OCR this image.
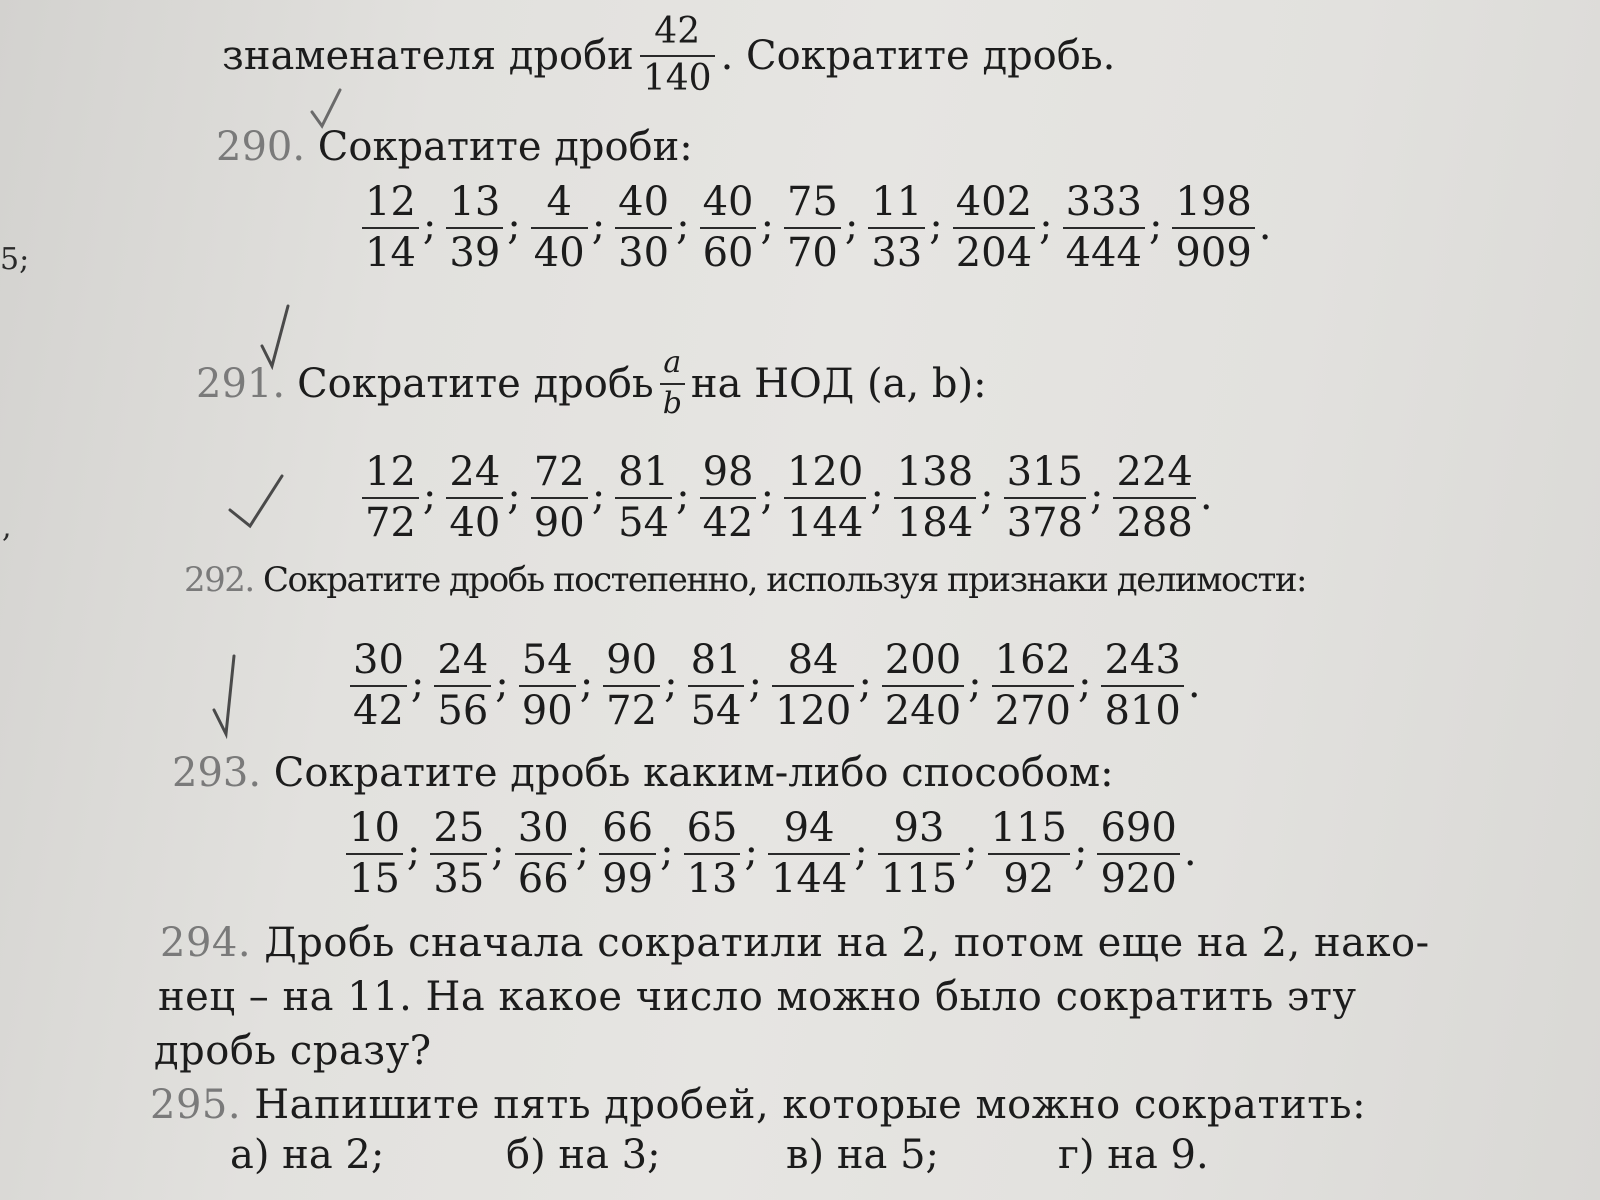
знаменателя дроби $\frac{42}{140}$ . Сократите дробь.
5;
,
290. Сократите дроби:
$\frac{12}{14}$ ; $\frac{13}{39}$ ; $\frac{4}{40}$ ; $\frac{40}{30}$ ; $\frac{40}{60}$ ; $\frac{75}{70}$ ; $\frac{11}{33}$ ; $\frac{402}{204}$ ; $\frac{333}{444}$ ; $\frac{198}{909}$ .
291. Сократите дробь $\frac{a}{b}$ на НОД (a, b):
$\frac{12}{72}$ ; $\frac{24}{40}$ ; $\frac{72}{90}$ ; $\frac{81}{54}$ ; $\frac{98}{42}$ ; $\frac{120}{144}$ ; $\frac{138}{184}$ ; $\frac{315}{378}$ ; $\frac{224}{288}$ .
292. Сократите дробь постепенно, используя признаки делимости:
$\frac{30}{42}$ ; $\frac{24}{56}$ ; $\frac{54}{90}$ ; $\frac{90}{72}$ ; $\frac{81}{54}$ ; $\frac{84}{120}$ ; $\frac{200}{240}$ ; $\frac{162}{270}$ ; $\frac{243}{810}$ .
293. Сократите дробь каким-либо способом:
$\frac{10}{15}$ ; $\frac{25}{35}$ ; $\frac{30}{66}$ ; $\frac{66}{99}$ ; $\frac{65}{13}$ ; $\frac{94}{144}$ ; $\frac{93}{115}$ ; $\frac{115}{92}$ ; $\frac{690}{920}$ .
294. Дробь сначала сократили на 2, потом еще на 2, нако-
нец – на 11. На какое число можно было сократить эту
дробь сразу?
295. Напишите пять дробей, которые можно сократить:
а) на 2;	б) на 3;	в) на 5;	г) на 9.
